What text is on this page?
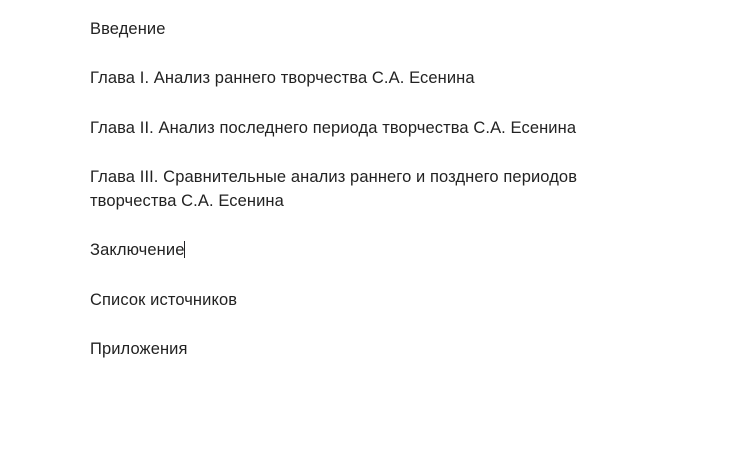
Введение

Глава I. Анализ раннего творчества С.А. Есенина

Глава II. Анализ последнего периода творчества С.А. Есенина

Глава III. Сравнительные анализ раннего и позднего периодов творчества С.А. Есенина

Заключение

Список источников

Приложения
